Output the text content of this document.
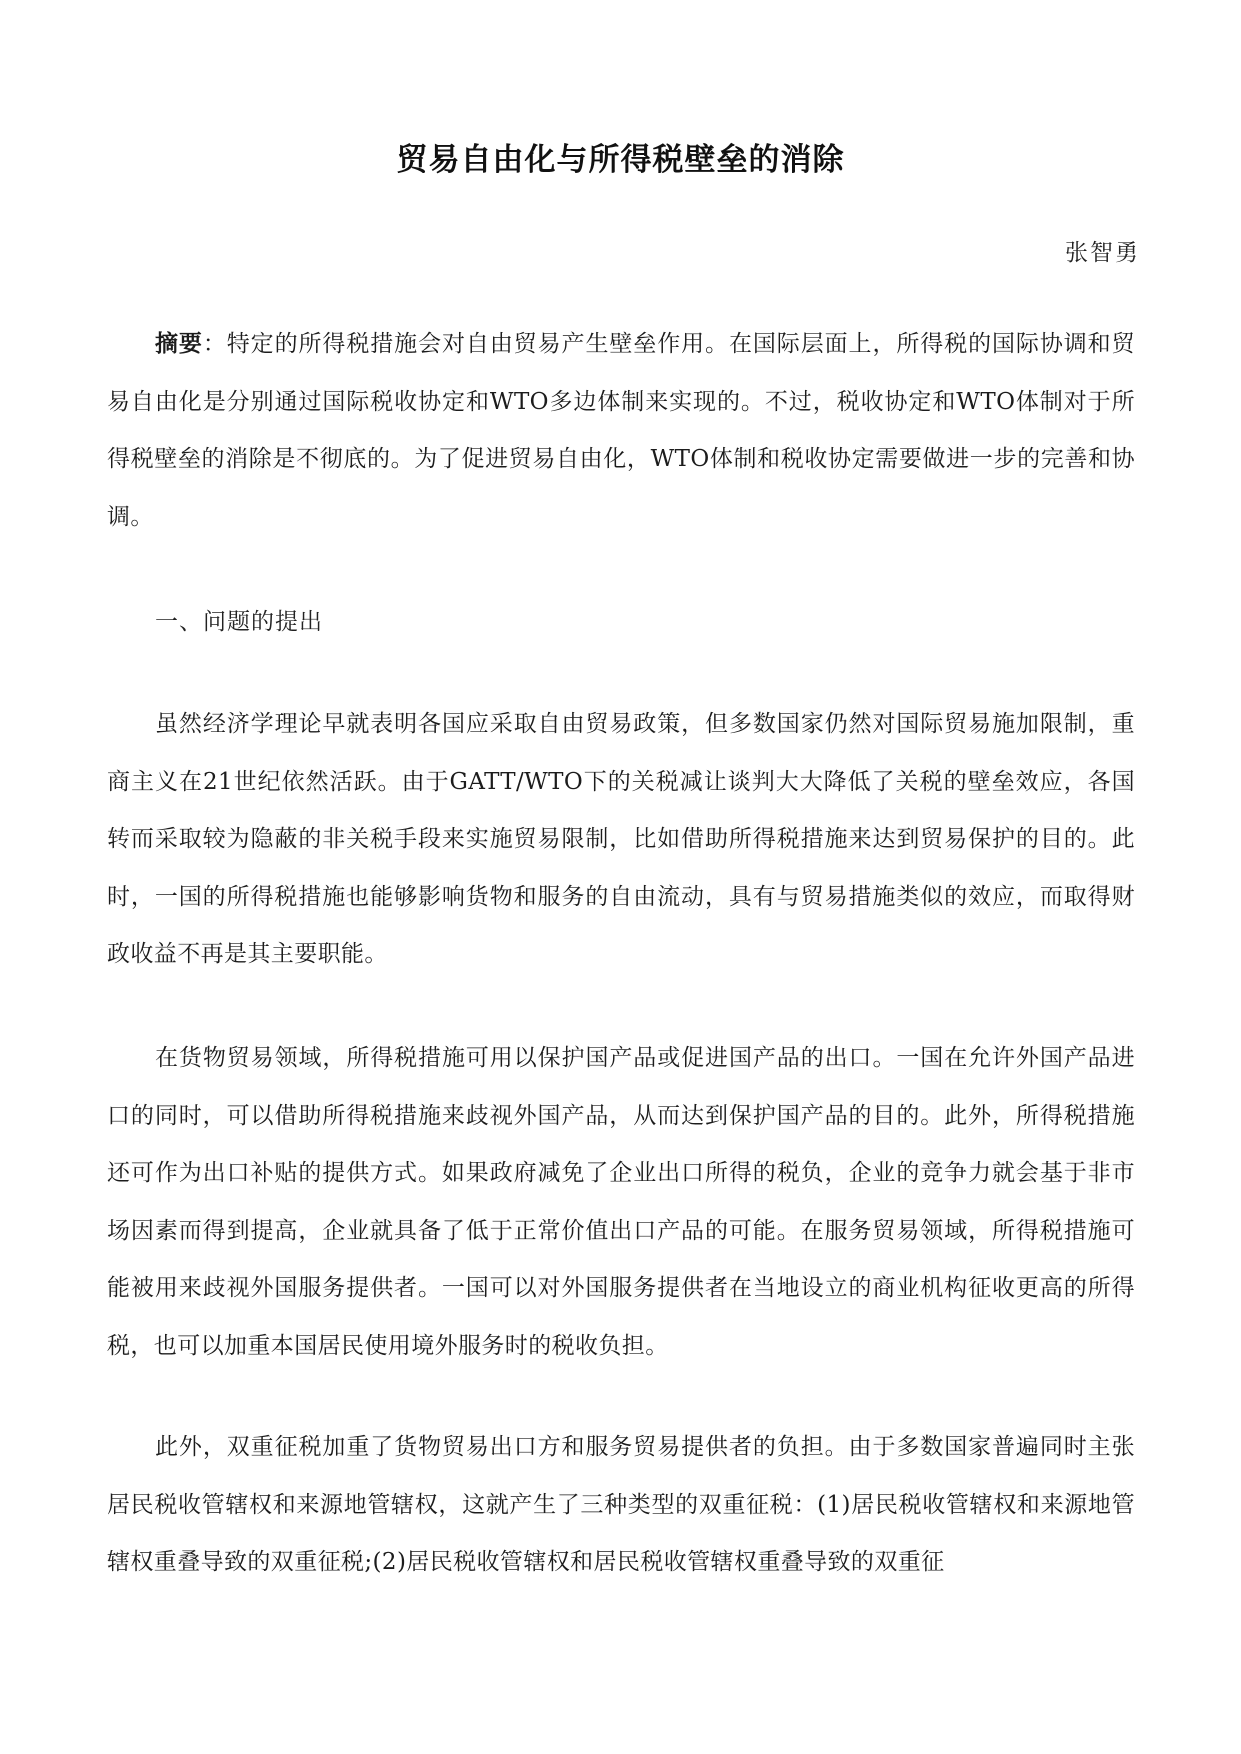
贸易自由化与所得税壁垒的消除
张智勇
摘要：特定的所得税措施会对自由贸易产生壁垒作用。在国际层面上，所得税的国际协调和贸易自由化是分别通过国际税收协定和WTO多边体制来实现的。不过，税收协定和WTO体制对于所得税壁垒的消除是不彻底的。为了促进贸易自由化，WTO体制和税收协定需要做进一步的完善和协调。
一、问题的提出
虽然经济学理论早就表明各国应采取自由贸易政策，但多数国家仍然对国际贸易施加限制，重商主义在21世纪依然活跃。由于GATT/WTO下的关税减让谈判大大降低了关税的壁垒效应，各国转而采取较为隐蔽的非关税手段来实施贸易限制，比如借助所得税措施来达到贸易保护的目的。此时，一国的所得税措施也能够影响货物和服务的自由流动，具有与贸易措施类似的效应，而取得财政收益不再是其主要职能。
在货物贸易领域，所得税措施可用以保护国产品或促进国产品的出口。一国在允许外国产品进口的同时，可以借助所得税措施来歧视外国产品，从而达到保护国产品的目的。此外，所得税措施还可作为出口补贴的提供方式。如果政府减免了企业出口所得的税负，企业的竞争力就会基于非市场因素而得到提高，企业就具备了低于正常价值出口产品的可能。在服务贸易领域，所得税措施可能被用来歧视外国服务提供者。一国可以对外国服务提供者在当地设立的商业机构征收更高的所得税，也可以加重本国居民使用境外服务时的税收负担。
此外，双重征税加重了货物贸易出口方和服务贸易提供者的负担。由于多数国家普遍同时主张居民税收管辖权和来源地管辖权，这就产生了三种类型的双重征税：(1)居民税收管辖权和来源地管辖权重叠导致的双重征税;(2)居民税收管辖权和居民税收管辖权重叠导致的双重征
